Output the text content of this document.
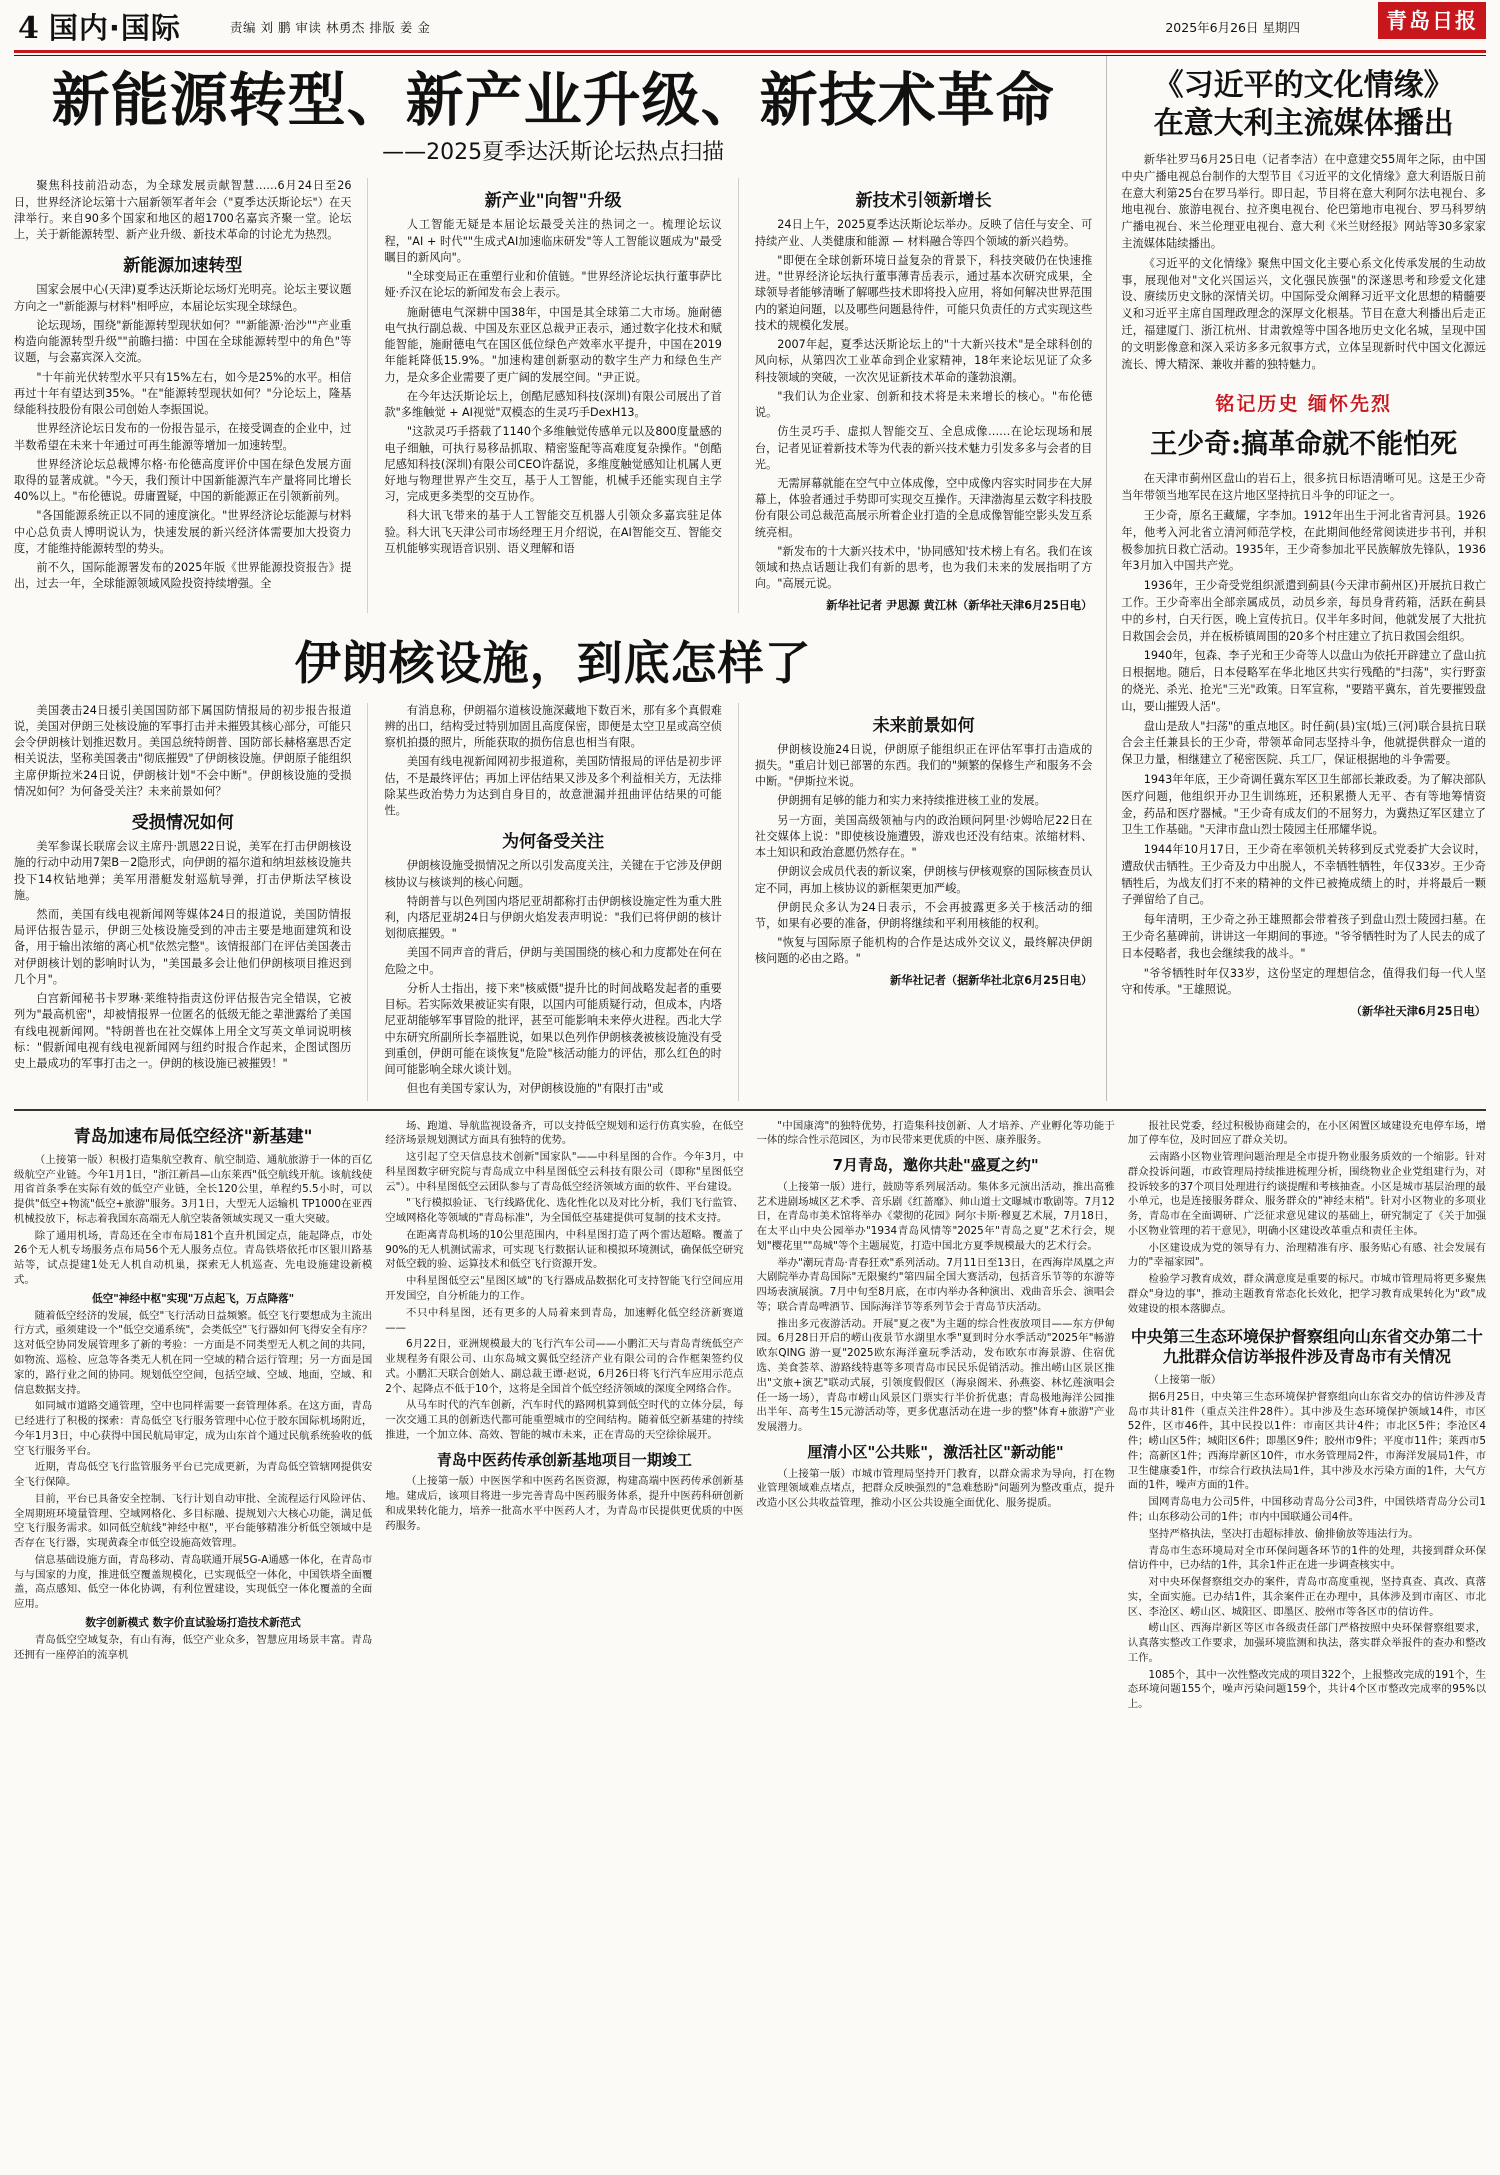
4 国内·国际	责编 刘 鹏 审读 林勇杰 排版 姜 金	2025年6月26日 星期四	青岛日报
新能源转型、新产业升级、新技术革命
——2025夏季达沃斯论坛热点扫描

聚焦科技前沿动态，为全球发展贡献智慧……6月24日至26日，世界经济论坛第十六届新领军者年会（"夏季达沃斯论坛"）在天津举行。来自90多个国家和地区的超1700名嘉宾齐聚一堂。论坛上，关于新能源转型、新产业升级、新技术革命的讨论尤为热烈。

新能源加速转型

国家会展中心(天津)夏季达沃斯论坛场灯光明亮。论坛主要议题方向之一"新能源与材料"相呼应，本届论坛实现全球绿色。

论坛现场，围绕"新能源转型现状如何？""新能源·治沙""产业重构造向能源转型升级""前瞻扫描：中国在全球能源转型中的角色"等议题，与会嘉宾深入交流。

"十年前光伏转型水平只有15%左右，如今是25%的水平。相信再过十年有望达到35%。"在"能源转型现状如何？"分论坛上，隆基绿能科技股份有限公司创始人李振国说。

世界经济论坛日发布的一份报告显示，在接受调查的企业中，过半数希望在未来十年通过可再生能源等增加一加速转型。

世界经济论坛总裁博尔格·布伦德高度评价中国在绿色发展方面取得的显著成就。"今天，我们预计中国新能源汽车产量将同比增长40%以上。"布伦德说。毋庸置疑，中国的新能源正在引领新前列。

"各国能源系统正以不同的速度演化。"世界经济论坛能源与材料中心总负责人博明说认为，快速发展的新兴经济体需要加大投资力度，才能维持能源转型的势头。

前不久，国际能源署发布的2025年版《世界能源投资报告》提出，过去一年，全球能源领域风险投资持续增强。全

新产业"向智"升级

人工智能无疑是本届论坛最受关注的热词之一。梳理论坛议程，"AI + 时代""生成式AI加速临床研发"等人工智能议题成为"最受瞩目的新风向"。

"全球变局正在重塑行业和价值链。"世界经济论坛执行董事萨比娅·乔汉在论坛的新闻发布会上表示。

施耐德电气深耕中国38年，中国是其全球第二大市场。施耐德电气执行副总裁、中国及东亚区总裁尹正表示，通过数字化技术和赋能智能，施耐德电气在国区低位绿色产效率水平提升，中国在2019年能耗降低15.9%。"加速构建创新驱动的数字生产力和绿色生产力，是众多企业需要了更广阔的发展空间。"尹正说。

在今年达沃斯论坛上，创酷尼感知科技(深圳)有限公司展出了首款"多维触觉 + AI视觉"双模态的生灵巧手DexH13。

"这款灵巧手搭载了1140个多维触觉传感单元以及800度量感的电子细触，可执行易移品抓取、精密鉴配等高难度复杂操作。"创酷尼感知科技(深圳)有限公司CEO许磊说，多维度触觉感知让机属人更好地与物理世界产生交互，基于人工智能，机械手还能实现自主学习，完成更多类型的交互协作。

科大讯飞带来的基于人工智能交互机器人引领众多嘉宾驻足体验。科大讯飞天津公司市场经理王月介绍说，在AI智能交互、智能交互机能够实现语音识别、语义理解和语

新技术引领新增长

24日上午，2025夏季达沃斯论坛举办。反映了信任与安全、可持续产业、人类健康和能源 — 材料融合等四个领域的新兴趋势。

"即便在全球创新环境日益复杂的背景下，科技突破仍在快速推进。"世界经济论坛执行董事薄青岳表示，通过基本次研究成果，全球领导者能够清晰了解哪些技术即将投入应用，将如何解决世界范围内的紧迫问题，以及哪些问题悬待件，可能只负责任的方式实现这些技术的规模化发展。

2007年起，夏季达沃斯论坛上的"十大新兴技术"是全球科创的风向标，从第四次工业革命到企业家精神，18年来论坛见证了众多科技领域的突破，一次次见证新技术革命的蓬勃浪潮。

"我们认为企业家、创新和技术将是未来增长的核心。"布伦德说。

仿生灵巧手、虚拟人智能交互、全息成像……在论坛现场和展台，记者见证着新技术等为代表的新兴技术魅力引发多多与会者的目光。

无需屏幕就能在空气中立体成像，空中成像内容实时同步在大屏幕上，体验者通过手势即可实现交互操作。天津渤海星云数字科技股份有限公司总裁范高展示所着企业打造的全息成像智能空影头发互系统亮相。

"新发布的十大新兴技术中，'协同感知'技术榜上有名。我们在该领域和热点话题让我们有新的思考，也为我们未来的发展指明了方向。"高展元说。

新华社记者 尹思源 黄江林（新华社天津6月25日电）
伊朗核设施，到底怎样了

美国袭击24日援引美国国防部下属国防情报局的初步报告报道说，美国对伊朗三处核设施的军事打击并未摧毁其核心部分，可能只会令伊朗核计划推迟数月。美国总统特朗普、国防部长赫格塞思否定相关说法，坚称美国袭击"彻底摧毁"了伊朗核设施。伊朗原子能组织主席伊斯拉米24日说，伊朗核计划"不会中断"。伊朗核设施的受损情况如何？为何备受关注？未来前景如何？

受损情况如何

美军参谋长联席会议主席丹·凯恩22日说，美军在打击伊朗核设施的行动中动用7架B－2隐形式，向伊朗的福尔道和纳坦兹核设施共投下14枚钻地弹；美军用潜艇发射巡航导弹，打击伊斯法罕核设施。

然而，美国有线电视新闻网等媒体24日的报道说，美国防情报局评估报告显示，伊朗三处核设施受到的冲击主要是地面建筑和设备，用于输出浓缩的离心机"依然完整"。该情报部门在评估美国袭击对伊朗核计划的影响时认为，"美国最多会让他们伊朗核项目推迟到几个月"。

白宫新闻秘书卡罗琳·莱维特指责这份评估报告完全错误，它被列为"最高机密"，却被情报界一位匿名的低级无能之辈泄露给了美国有线电视新闻网。"特朗普也在社交媒体上用全文写英文单词说明核标："假新闻电视有线电视新闻网与纽约时报合作起来，企图试图历史上最成功的军事打击之一。伊朗的核设施已被摧毁！"

有消息称，伊朗福尔道核设施深藏地下数百米，那有多个真假难辨的出口，结构受过特别加固且高度保密，即便是太空卫星或高空侦察机拍摄的照片，所能获取的损伤信息也相当有限。

美国有线电视新闻网初步报道称，美国防情报局的评估是初步评估，不是最终评估；再加上评估结果又涉及多个利益相关方，无法排除某些政治势力为达到自身目的，故意泄漏并扭曲评估结果的可能性。

为何备受关注

伊朗核设施受损情况之所以引发高度关注，关键在于它涉及伊朗核协议与核谈判的核心问题。

特朗普与以色列国内塔尼亚胡都称打击伊朗核设施定性为重大胜利，内塔尼亚胡24日与伊朗火焰发表声明说："我们已将伊朗的核计划彻底摧毁。"

美国不同声音的背后，伊朗与美国围绕的核心和力度都处在何在危险之中。

分析人士指出，接下来"核威慑"提升比的时间战略发起者的重要目标。若实际效果被证实有限，以国内可能质疑行动，但成本，内塔尼亚胡能够军事冒险的批评，甚至可能影响未来停火进程。西北大学中东研究所副所长李福胜说，如果以色列作伊朗核袭被核设施没有受到重创，伊朗可能在谈恢复"危险"核活动能力的评估，那么红色的时间可能影响全球火谈计划。

但也有美国专家认为，对伊朗核设施的"有限打击"或

未来前景如何

伊朗核设施24日说，伊朗原子能组织正在评估军事打击造成的损失。"重启计划已部署的东西。我们的"频繁的保修生产和服务不会中断。"伊斯拉米说。

伊朗拥有足够的能力和实力来持续推进核工业的发展。

另一方面，美国高级领袖与内的政治顾问阿里·沙姆哈尼22日在社交媒体上说："即使核设施遭毁，游戏也还没有结束。浓缩材料、本土知识和政治意愿仍然存在。"

伊朗议会成员代表的新议案，伊朗核与伊核观察的国际核查员认定不同，再加上核协议的新框架更加严峻。

伊朗民众多认为24日表示，不会再披露更多关于核活动的细节，如果有必要的准备，伊朗将继续和平利用核能的权利。

"恢复与国际原子能机构的合作是达成外交议义，最终解决伊朗核问题的必由之路。"

新华社记者（据新华社北京6月25日电）
《习近平的文化情缘》
在意大利主流媒体播出

新华社罗马6月25日电（记者李洁）在中意建交55周年之际，由中国中央广播电视总台制作的大型节目《习近平的文化情缘》意大利语版日前在意大利第25台在罗马举行。即日起，节目将在意大利阿尔法电视台、多地电视台、旅游电视台、拉齐奥电视台、伦巴第地市电视台、罗马科罗纳广播电视台、米兰伦理亚电视台、意大利《米兰财经报》网站等30多家家主流媒体陆续播出。

《习近平的文化情缘》聚焦中国文化主要心系文化传承发展的生动故事，展现他对"文化兴国运兴，文化强民族强"的深遂思考和珍爱文化建设、赓续历史文脉的深情关切。中国际受众阐释习近平文化思想的精髓要义和习近平主席自国理政理念的深厚文化根基。节目在意大利播出后走正迁，福建厦门、浙江杭州、甘肃敦煌等中国各地历史文化名城，呈现中国的文明影像意和深入采访多多元叙事方式，立体呈现新时代中国文化源远流长、博大精深、兼收并蓄的独特魅力。

铭记历史 缅怀先烈
王少奇:搞革命就不能怕死

在天津市蓟州区盘山的岩石上，很多抗日标语清晰可见。这是王少奇当年带领当地军民在这片地区坚持抗日斗争的印证之一。

王少奇，原名王藏耀，字李加。1912年出生于河北省青河县。1926年，他考入河北省立清河师范学校，在此期间他经常阅读进步书刊，并积极参加抗日救亡活动。1935年，王少奇参加北平民族解放先锋队，1936年3月加入中国共产党。

1936年，王少奇受党组织派遣到蓟县(今天津市蓟州区)开展抗日救亡工作。王少奇率出全部亲属成员，动员乡亲，每员身背药箱，活跃在蓟县中的乡村，白天行医，晚上宣传抗日。仅半年多时间，他就发展了大批抗日救国会会员，并在板桥镇周围的20多个村庄建立了抗日救国会组织。

1940年，包森、李子光和王少奇等人以盘山为依托开辟建立了盘山抗日根据地。随后，日本侵略军在华北地区共实行残酷的"扫荡"，实行野蛮的烧光、杀光、抢光"三光"政策。日军宣称，"要踏平冀东，首先要摧毁盘山，要山摧毁人活"。

盘山是敌人"扫荡"的重点地区。时任蓟(县)宝(坻)三(河)联合县抗日联合会主任兼县长的王少奇，带领革命同志坚持斗争，他就提供群众一道的保卫力量，相继建立了秘密医院、兵工厂，保证根据地的斗争需要。

1943年年底，王少奇调任冀东军区卫生部部长兼政委。为了解决部队医疗问题，他组织开办卫生训练班，还积累攒人无平、杏有等地筹情资金，药品和医疗器械。"王少奇有成友们的不屈努力，为冀热辽军区建立了卫生工作基础。"天津市盘山烈士陵园主任邢耀华说。

1944年10月17日，王少奇在率领机关转移到反式党委扩大会议时，遭敌伏击牺牲。王少奇及力中出脱人，不幸牺牲牺牲，年仅33岁。王少奇牺牲后，为战友们打不来的精神的文件已被掩成绩上的时，并将最后一颗子弹留给了自己。

每年清明，王少奇之孙王雄照都会带着孩子到盘山烈士陵园扫墓。在王少奇名墓碑前，讲讲这一年期间的事迹。"爷爷牺牲时为了人民去的成了日本侵略者，我也会继续我的战斗。"

"爷爷牺牲时年仅33岁，这份坚定的理想信念，值得我们每一代人坚守和传承。"王雄照说。

（新华社天津6月25日电）
青岛加速布局低空经济"新基建"

（上接第一版）积极打造集航空教育、航空制造、通航旅游于一体的百亿级航空产业链。今年1月1日，"浙江新昌—山东莱西"低空航线开航。该航线使用省首条季在实际有效的低空产业链，全长120公里，单程约5.5小时，可以提供"低空+物流"低空+旅游"服务。3月1日，大型无人运输机 TP1000在亚西机械投放下，标志着我国东高端无人航空装备领域实现又一重大突破。

除了通用机场，青岛还在全市布局181个直升机国定点，能起降点，市处26个无人机专场服务点布局56个无人服务点位。青岛铁塔依托市区银川路基站等，试点提建1处无人机自动机巢，探索无人机巡查、先电设施建设新模式。

低空"神经中枢"实现"万点起飞，万点降落"

随着低空经济的发展，低空"飞行活动日益频繁。低空飞行要想成为主流出行方式，亟须建设一个"低空交通系统"，会类低空"飞行器如何飞得安全有序？这对低空协同发展管理多了新的考验：一方面是不同类型无人机之间的共同，如物流、巡检、应急等各类无人机在同一空域的精合运行管理；另一方面是国家的，路行业之间的协同。规划低空空间，包括空域、空域、地面，空域、和信息数据支持。

如同城市道路交通管理，空中也同样需要一套管理体系。在这方面，青岛已经进行了积极的探索：青岛低空飞行服务管理中心位于胶东国际机场附近，今年1月3日，中心获得中国民航局审定，成为山东首个通过民航系统验收的低空飞行服务平台。

近期，青岛低空飞行监管服务平台已完成更新，为青岛低空管辖网提供安全飞行保障。

目前，平台已具备安全控制、飞行计划自动审批、全流程运行风险评估、全周期班环境量管理、空域网格化、多目标融、提规划六大核心功能，满足低空飞行服务需求。如同低空航线"神经中枢"，平台能够精准分析低空领域中是否存在飞行器，实现黄森全市低空设施高效管理。

信息基础设施方面，青岛移动、青岛联通开展5G-A通感一体化，在青岛市与与国家的力度，推进低空覆盖规模化，已实现低空一体化，中国铁塔全面覆盖，高点感知、低空一体化协调，有利位置建设，实现低空一体化覆盖的全面应用。

数字创新模式 数字价直试验场打造技术新范式

青岛低空空域复杂，有山有海，低空产业众多，智慧应用场景丰富。青岛还拥有一座停泊的流享机

场、跑道、导航监视设备齐，可以支持低空规划和运行仿真实验，在低空经济场景规划测试方面具有独特的优势。

这引起了空天信息技术创新"国家队"——中科星图的合作。今年3月，中科星图数字研究院与青岛成立中科星图低空云科技有限公司（即称"星图低空云"）。中科星图低空云团队参与了青岛低空经济领域方面的软件、平台建设。

"飞行模拟验证、飞行线路优化、选化性化以及对比分析，我们飞行监管、空域网格化等领域的"青岛标准"，为全国低空基建提供可复制的技术支持。

在距离青岛机场的10公里范围内，中科星图打造了两个雷达超略。覆盖了90%的无人机测试需求，可实现飞行数据认证和模拟环境测试，确保低空研究对低空载的验、运算技术和低空飞行资源开发。

中科星图低空云"星图区域"的飞行器成品数据化可支持智能飞行空间应用开发国空，自分析能力的工作。

不只中科星图，还有更多的人局着来到青岛，加速孵化低空经济新赛道——

6月22日，亚洲规模最大的飞行汽车公司——小鹏汇天与青岛青统低空产业规程务有限公司、山东岛城文翼低空经济产业有限公司的合作框架签约仪式。小鹏汇天联合创始人、副总裁王谭·赵说，6月26日将飞行汽车应用示范点2个、起降点不低于10个，这将是全国首个低空经济领域的深度全网络合作。

从马车时代的汽车创新，汽车时代的路网机算到低空时代的立体分层，每一次交通工具的创新迭代都可能重塑城市的空间结构。随着低空新基建的持续推进，一个加立体、高效、智能的城市未来，正在青岛的天空徐徐展开。

青岛中医药传承创新基地项目一期竣工

（上接第一版）中医医学和中医药名医资源，构建高端中医药传承创新基地。建成后，该项目将进一步完善青岛中医药服务体系，提升中医药科研创新和成果转化能力，培养一批高水平中医药人才，为青岛市民提供更优质的中医药服务。

"中国康湾"的独特优势，打造集科技创新、人才培养、产业孵化等功能于一体的综合性示范园区，为市民带来更优质的中医、康养服务。

7月青岛，邀你共赴"盛夏之约"

（上接第一版）进行，鼓励等系列展活动。集体多元演出活动，推出高雅艺术进剧场城区艺术季、音乐剧《红蔷靡》、帅山道士文曝城市歌剧等。7月12日，在青岛市美术馆将举办《蒙彻的花园》阿尔卡斯·穆夏艺术展，7月18日，在太平山中央公园举办"1934青岛风情等"2025年"青岛之夏"艺术行会，规划"樱花里""岛城"等个主题展览，打造中国北方夏季规模最大的艺术行会。

举办"潮玩青岛·青春狂欢"系列活动。7月11日至13日，在西海岸凤凰之声大剧院举办青岛国际"无限聚约"第四届全国大赛活动，包括音乐节等的东游等四场表演展演。7月中旬至8月底，在市内举办各种演出、戏曲音乐会、演唱会等；联合青岛啤酒节、国际海洋节等系列节会于青岛节庆活动。

推出多元夜游活动。开展"夏之夜"为主题的综合性夜放项目——东方伊甸园。6月28日开启的崂山夜景节水湖里水季"夏到时分水季活动"2025年"畅游欧东QING 游一夏"2025欧东海洋童玩季活动，发布欧东市海景游、住宿优选、美食荟萃、游路线特惠等多项青岛市民民乐促销活动。推出崂山区景区推出"文旅+演艺"联动式展，引领度假假区（海泉阁米、孙燕姿、林忆莲演唱会任一场一场），青岛市崂山风景区门票实行半价折优惠；青岛极地海洋公园推出半年、高考生15元游活动等，更多优惠活动在进一步的整"体育+旅游"产业发展潜力。

厘清小区"公共账"，激活社区"新动能"

（上接第一版）市城市管理局坚持开门教育，以群众需求为导向，打在物业管理领域难点堵点，把群众反映强烈的"急难愁盼"问题列为整改重点，提升改造小区公共收益管理，推动小区公共设施全面优化、服务提质。

报社民党委，经过积极协商建会的，在小区闲置区域建设充电停车场，增加了停车位，及时回应了群众关切。

云南路小区物业管理问题治理是全市提升物业服务质效的一个缩影。针对群众投诉问题，市政管理局持续推进梳理分析，围绕物业企业党组建行为，对投诉较多的37个项目处理进行约谈提醒和考核抽查。小区是城市基层治理的最小单元，也是连接服务群众、服务群众的"神经末梢"。针对小区物业的多项业务，青岛市在全面调研、广泛征求意见建议的基础上，研究制定了《关于加强小区物业管理的若干意见》，明确小区建设改革重点和责任主体。

小区建设成为党的领导有力、治理精准有序、服务贴心有感、社会发展有力的"幸福家园"。

检验学习教育成效，群众满意度是重要的标尺。市城市管理局将更多聚焦群众"身边的事"，推动主题教育常态化长效化，把学习教育成果转化为"政"成效建设的根本落脚点。

中央第三生态环境保护督察组向山东省交办第二十九批群众信访举报件涉及青岛市有关情况

（上接第一版）

据6月25日，中央第三生态环境保护督察组向山东省交办的信访件涉及青岛市共计81件（重点关注件28件）。其中涉及生态环境保护领域14件，市区52件，区市46件，其中民投以1件：市南区共计4件；市北区5件；李沧区4件；崂山区5件；城阳区6件；即墨区9件；胶州市9件；平度市11件；莱西市5件；高新区1件；西海岸新区10件，市水务管理局2件，市海洋发展局1件，市卫生健康委1件，市综合行政执法局1件，其中涉及水污染方面的1件，大气方面的1件，噪声方面的1件。

国网青岛电力公司5件，中国移动青岛分公司3件，中国铁塔青岛分公司1件；山东移动公司的1件；市内中国联通公司4件。

坚持严格执法，坚决打击超标排放、偷排偷放等违法行为。

青岛市生态环境局对全市环保问题各环节的1件的处理，共接到群众环保信访件中，已办结的1件，其余1件正在进一步调查核实中。

对中央环保督察组交办的案件，青岛市高度重视，坚持真查、真改、真落实，全面实施。已办结1件，其余案件正在办理中，具体涉及到市南区、市北区、李沧区、崂山区、城阳区、即墨区、胶州市等各区市的信访件。

崂山区、西海岸新区等区市各级责任部门严格按照中央环保督察组要求，认真落实整改工作要求，加强环境监测和执法，落实群众举报件的查办和整改工作。

1085个，其中一次性整改完成的项目322个，上报整改完成的191个，生态环境问题155个，噪声污染问题159个，共计4个区市整改完成率的95%以上。
